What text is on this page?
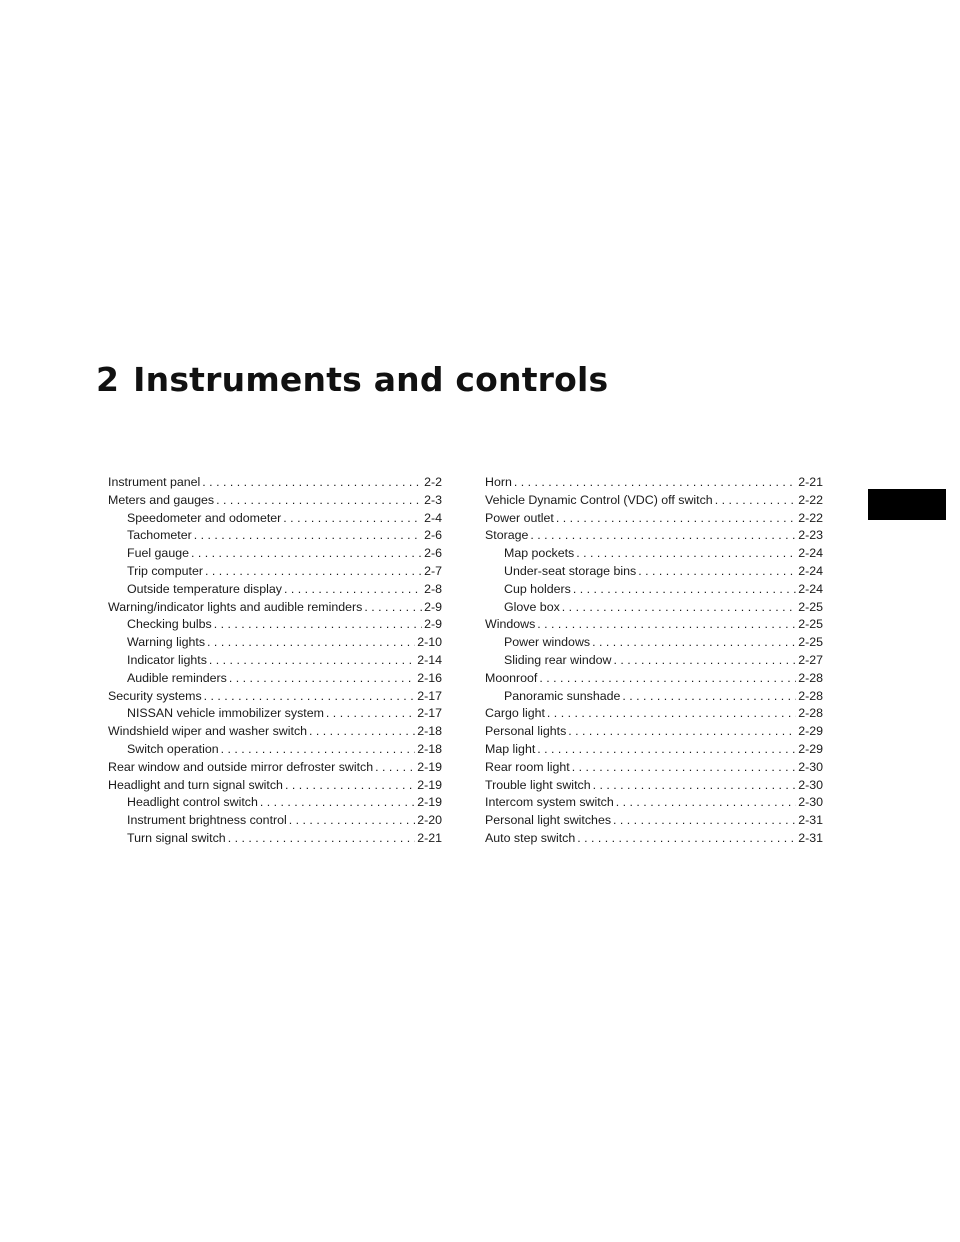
2 Instruments and controls
Instrument panel . . .	2-2
Meters and gauges . . .	2-3
Speedometer and odometer . . .	2-4
Tachometer . . .	2-6
Fuel gauge . . .	2-6
Trip computer . . .	2-7
Outside temperature display . . .	2-8
Warning/indicator lights and audible reminders . . .	2-9
Checking bulbs . . .	2-9
Warning lights . . .	2-10
Indicator lights . . .	2-14
Audible reminders . . .	2-16
Security systems . . .	2-17
NISSAN vehicle immobilizer system . . .	2-17
Windshield wiper and washer switch . . .	2-18
Switch operation . . .	2-18
Rear window and outside mirror defroster switch . . .	2-19
Headlight and turn signal switch . . .	2-19
Headlight control switch . . .	2-19
Instrument brightness control . . .	2-20
Turn signal switch . . .	2-21
Horn . . .	2-21
Vehicle Dynamic Control (VDC) off switch . . .	2-22
Power outlet . . .	2-22
Storage . . .	2-23
Map pockets . . .	2-24
Under-seat storage bins . . .	2-24
Cup holders . . .	2-24
Glove box . . .	2-25
Windows . . .	2-25
Power windows . . .	2-25
Sliding rear window . . .	2-27
Moonroof . . .	2-28
Panoramic sunshade . . .	2-28
Cargo light . . .	2-28
Personal lights . . .	2-29
Map light . . .	2-29
Rear room light . . .	2-30
Trouble light switch . . .	2-30
Intercom system switch . . .	2-30
Personal light switches . . .	2-31
Auto step switch . . .	2-31
